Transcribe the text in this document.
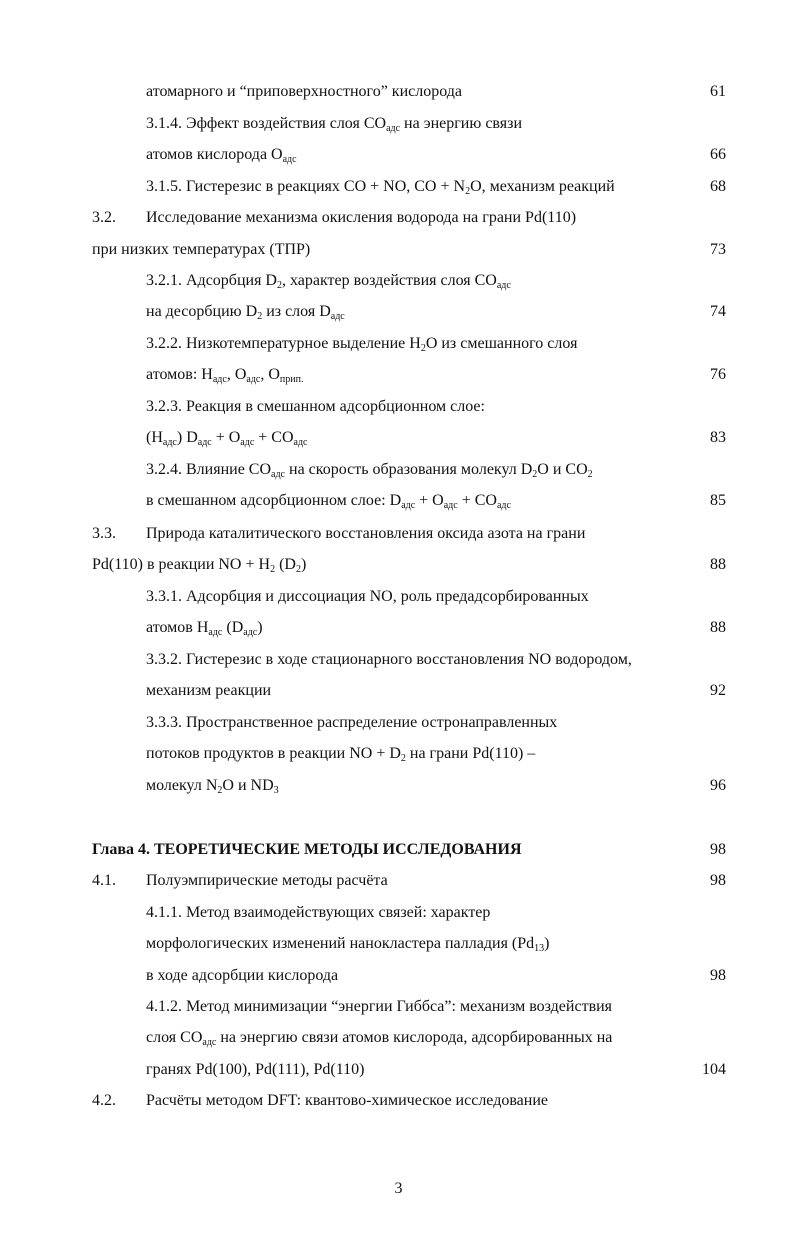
атомарного и “приповерхностного” кислорода	61
3.1.4. Эффект воздействия слоя $CO_{адс}$ на энергию связи
атомов кислорода $O_{адс}$	66
3.1.5. Гистерезис в реакциях CO + NO, CO + $N_2O$, механизм реакций	68
3.2. Исследование механизма окисления водорода на грани Pd(110)
при низких температурах (ТПР)	73
3.2.1. Адсорбция $D_2$, характер воздействия слоя $CO_{адс}$
на десорбцию $D_2$ из слоя $D_{адс}$	74
3.2.2. Низкотемпературное выделение $H_2O$ из смешанного слоя
атомов: $H_{адс}$, $O_{адс}$, $O_{прип.}$	76
3.2.3. Реакция в смешанном адсорбционном слое:
$(H_{адс}) D_{адс} + O_{адс} + CO_{адс}$	83
3.2.4. Влияние $CO_{адс}$ на скорость образования молекул $D_2O$ и $CO_2$
в смешанном адсорбционном слое: $D_{адс} + O_{адс} + CO_{адс}$	85
3.3. Природа каталитического восстановления оксида азота на грани
Pd(110) в реакции NO + $H_2$ $(D_2)$	88
3.3.1. Адсорбция и диссоциация NO, роль предадсорбированных
атомов $H_{адс}$ $(D_{адс})$	88
3.3.2. Гистерезис в ходе стационарного восстановления NO водородом,
механизм реакции	92
3.3.3. Пространственное распределение остронаправленных
потоков продуктов в реакции NO + $D_2$ на грани Pd(110) –
молекул $N_2O$ и $ND_3$	96
Глава 4. ТЕОРЕТИЧЕСКИЕ МЕТОДЫ ИССЛЕДОВАНИЯ	98
4.1. Полуэмпирические методы расчёта	98
4.1.1. Метод взаимодействующих связей: характер
морфологических изменений нанокластера палладия $(Pd_{13})$
в ходе адсорбции кислорода	98
4.1.2. Метод минимизации “энергии Гиббса”: механизм воздействия
слоя $CO_{адс}$ на энергию связи атомов кислорода, адсорбированных на
гранях Pd(100), Pd(111), Pd(110)	104
4.2. Расчёты методом DFT: квантово-химическое исследование
3
